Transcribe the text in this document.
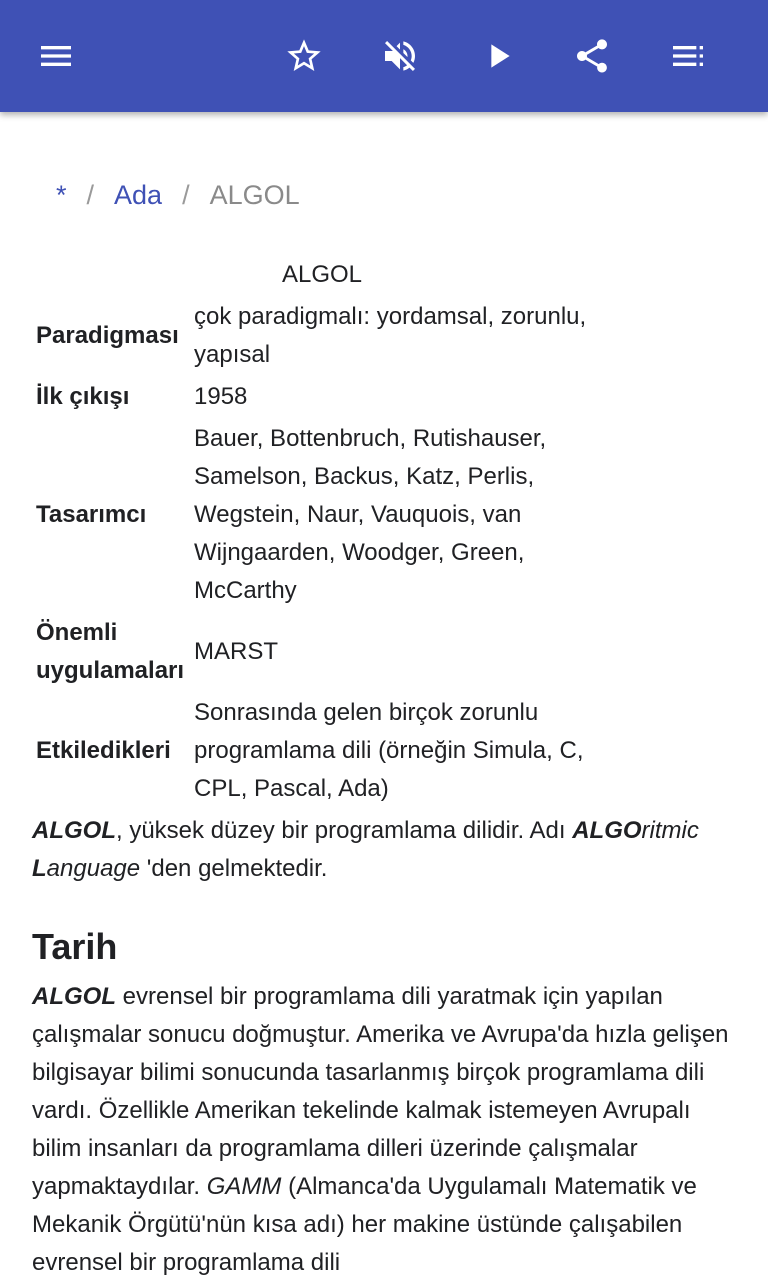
* / Ada / ALGOL
ALGOL
Paradigması	çok paradigmalı: yordamsal, zorunlu, yapısal
İlk çıkışı	1958
Tasarımcı	Bauer, Bottenbruch, Rutishauser, Samelson, Backus, Katz, Perlis, Wegstein, Naur, Vauquois, van Wijngaarden, Woodger, Green, McCarthy
Önemli uygulamaları	MARST
Etkiledikleri	Sonrasında gelen birçok zorunlu programlama dili (örneğin Simula, C, CPL, Pascal, Ada)
ALGOL, yüksek düzey bir programlama dilidir. Adı ALGOritmic Language 'den gelmektedir.
Tarih
ALGOL evrensel bir programlama dili yaratmak için yapılan çalışmalar sonucu doğmuştur. Amerika ve Avrupa'da hızla gelişen bilgisayar bilimi sonucunda tasarlanmış birçok programlama dili vardı. Özellikle Amerikan tekelinde kalmak istemeyen Avrupalı bilim insanları da programlama dilleri üzerinde çalışmalar yapmaktaydılar. GAMM (Almanca'da Uygulamalı Matematik ve Mekanik Örgütü'nün kısa adı) her makine üstünde çalışabilen evrensel bir programlama dili
